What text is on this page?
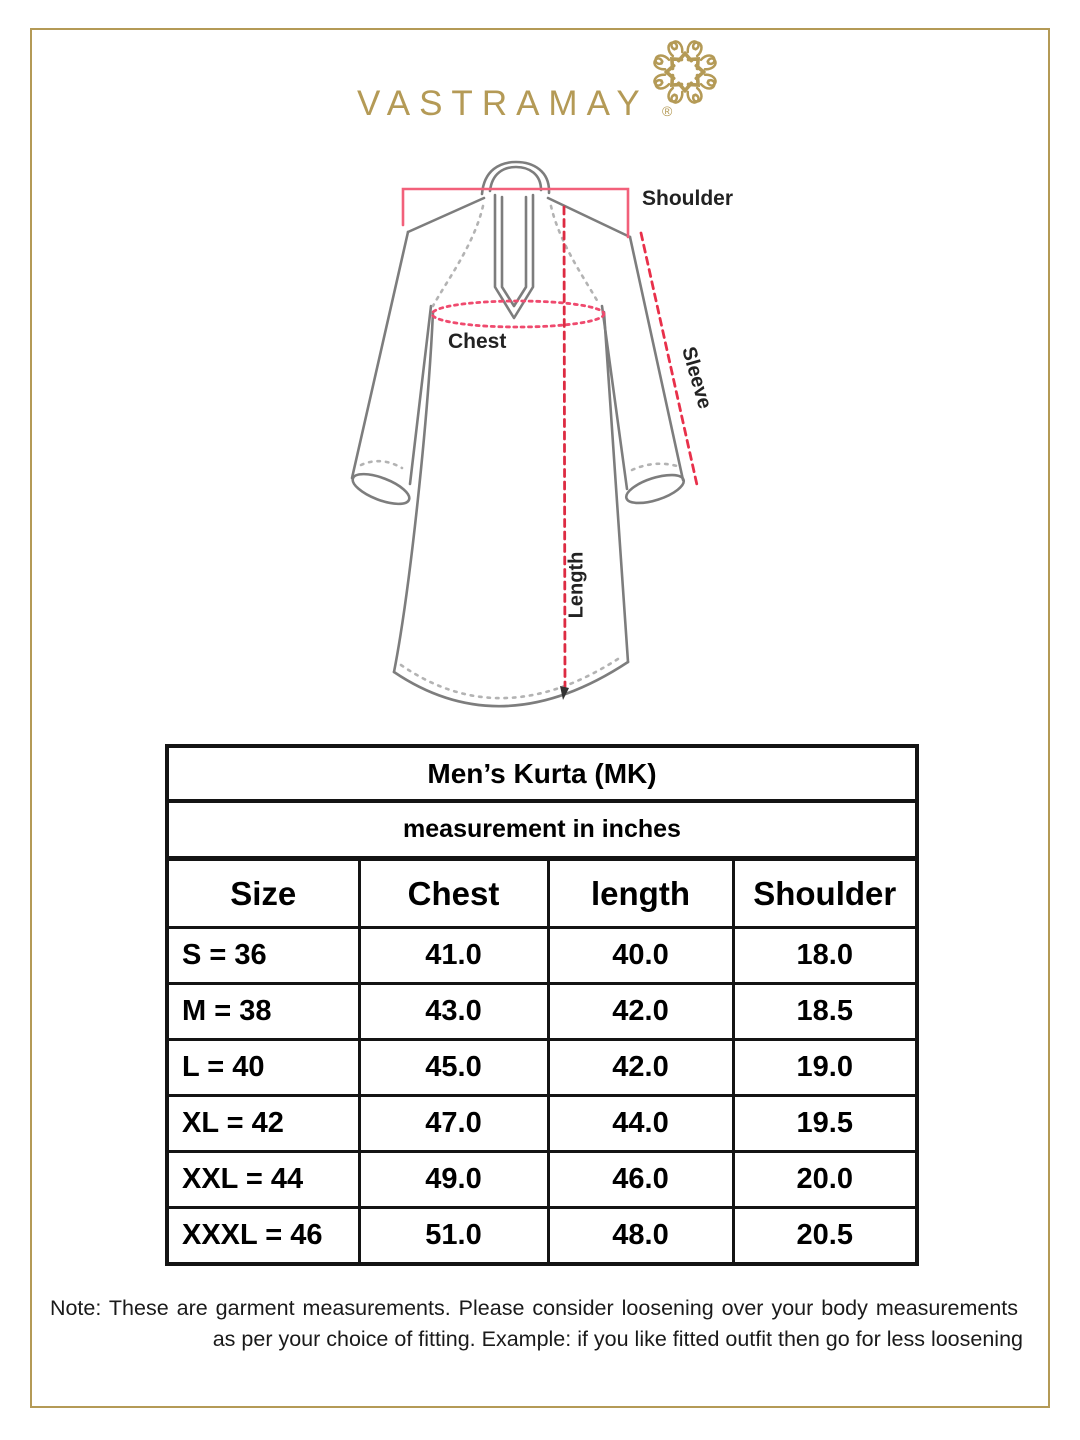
VASTRAMAY ®
Shoulder
Chest
Sleeve
Length
Men’s Kurta (MK)			
measurement in inches			
Size	Chest	length	Shoulder
S = 36	41.0	40.0	18.0
M = 38	43.0	42.0	18.5
L = 40	45.0	42.0	19.0
XL = 42	47.0	44.0	19.5
XXL = 44	49.0	46.0	20.0
XXXL = 46	51.0	48.0	20.5
Note: These are garment measurements. Please consider loosening over your body measurements
as per your choice of fitting. Example: if you like fitted outfit then go for less loosening
